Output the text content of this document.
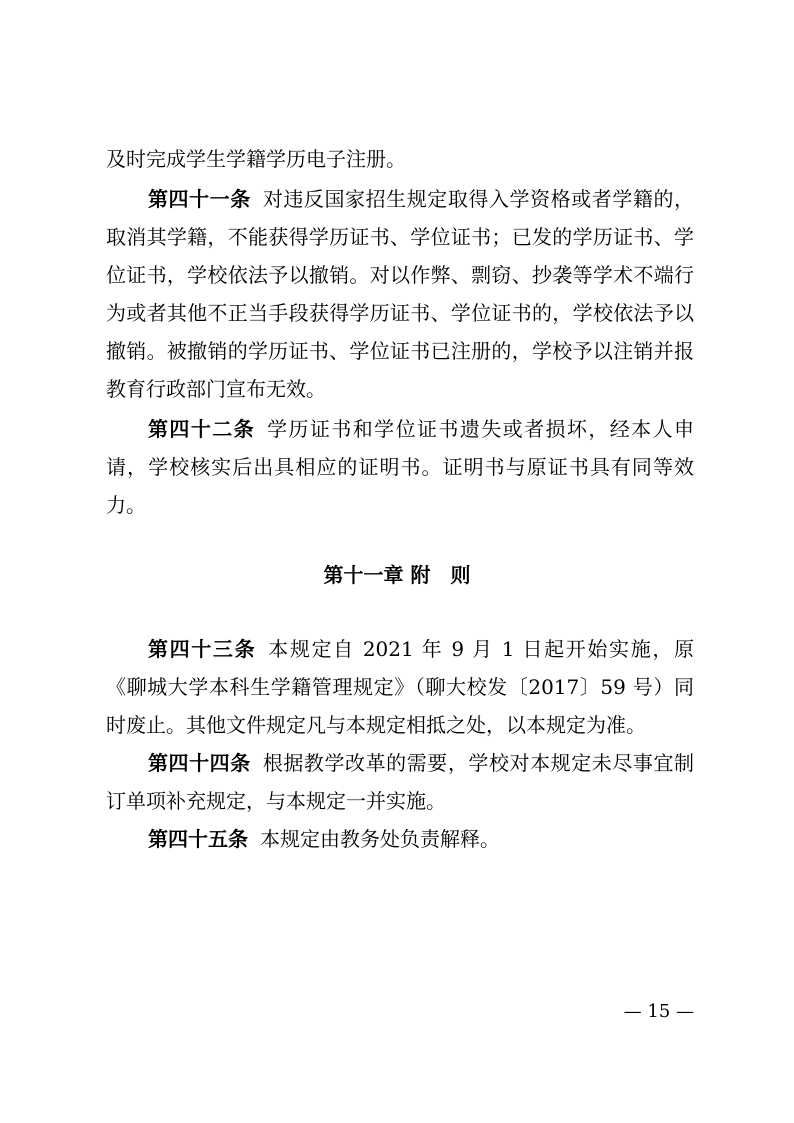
及时完成学生学籍学历电子注册。

第四十一条 对违反国家招生规定取得入学资格或者学籍的，取消其学籍，不能获得学历证书、学位证书；已发的学历证书、学位证书，学校依法予以撤销。对以作弊、剽窃、抄袭等学术不端行为或者其他不正当手段获得学历证书、学位证书的，学校依法予以撤销。被撤销的学历证书、学位证书已注册的，学校予以注销并报教育行政部门宣布无效。

第四十二条 学历证书和学位证书遗失或者损坏，经本人申请，学校核实后出具相应的证明书。证明书与原证书具有同等效力。

第十一章 附　则

第四十三条 本规定自 2021 年 9 月 1 日起开始实施，原《聊城大学本科生学籍管理规定》（聊大校发〔2017〕59 号）同时废止。其他文件规定凡与本规定相抵之处，以本规定为准。

第四十四条 根据教学改革的需要，学校对本规定未尽事宜制订单项补充规定，与本规定一并实施。

第四十五条 本规定由教务处负责解释。

— 15 —
